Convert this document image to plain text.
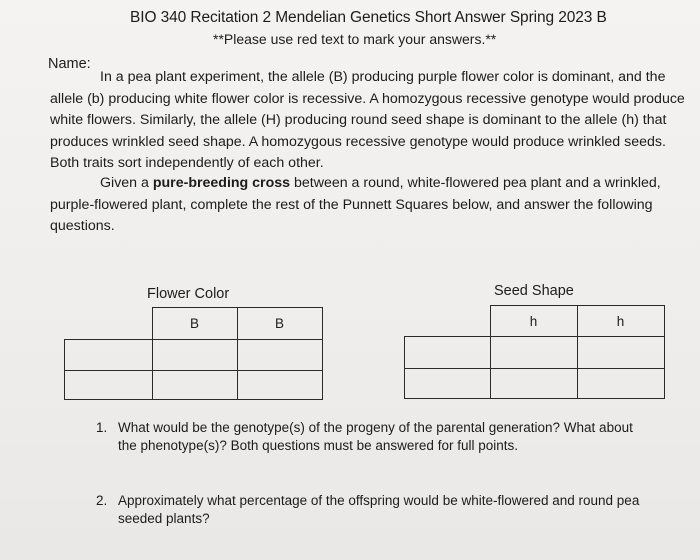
BIO 340 Recitation 2 Mendelian Genetics Short Answer Spring 2023 B
**Please use red text to mark your answers.**
Name:

In a pea plant experiment, the allele (B) producing purple flower color is dominant, and the allele (b) producing white flower color is recessive. A homozygous recessive genotype would produce white flowers. Similarly, the allele (H) producing round seed shape is dominant to the allele (h) that produces wrinkled seed shape. A homozygous recessive genotype would produce wrinkled seeds. Both traits sort independently of each other.

Given a pure-breeding cross between a round, white-flowered pea plant and a wrinkled, purple-flowered plant, complete the rest of the Punnett Squares below, and answer the following questions.

Flower Color
	B	B

Seed Shape
	h	h

1. What would be the genotype(s) of the progeny of the parental generation? What about
the phenotype(s)? Both questions must be answered for full points.
2. Approximately what percentage of the offspring would be white-flowered and round pea
seeded plants?
